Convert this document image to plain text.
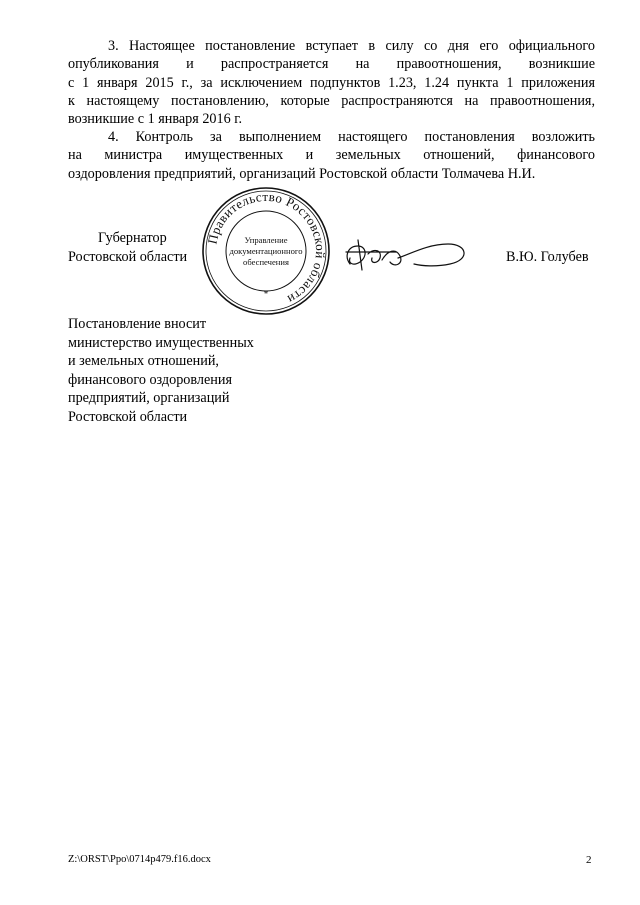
3. Настоящее постановление вступает в силу со дня его официального
опубликования и распространяется на правоотношения, возникшие
с 1 января 2015 г., за исключением подпунктов 1.23, 1.24 пункта 1 приложения
к настоящему постановлению, которые распространяются на правоотношения,
возникшие с 1 января 2016 г.
4. Контроль за выполнением настоящего постановления возложить
на министра имущественных и земельных отношений, финансового
оздоровления предприятий, организаций Ростовской области Толмачева Н.И.
Губернатор
Ростовской области
Правительство Ростовской области
Управление
документационного
обеспечения
*
В.Ю. Голубев
Постановление вносит
министерство имущественных
и земельных отношений,
финансового оздоровления
предприятий, организаций
Ростовской области
Z:\ORST\Ppo\0714p479.f16.docx	2
